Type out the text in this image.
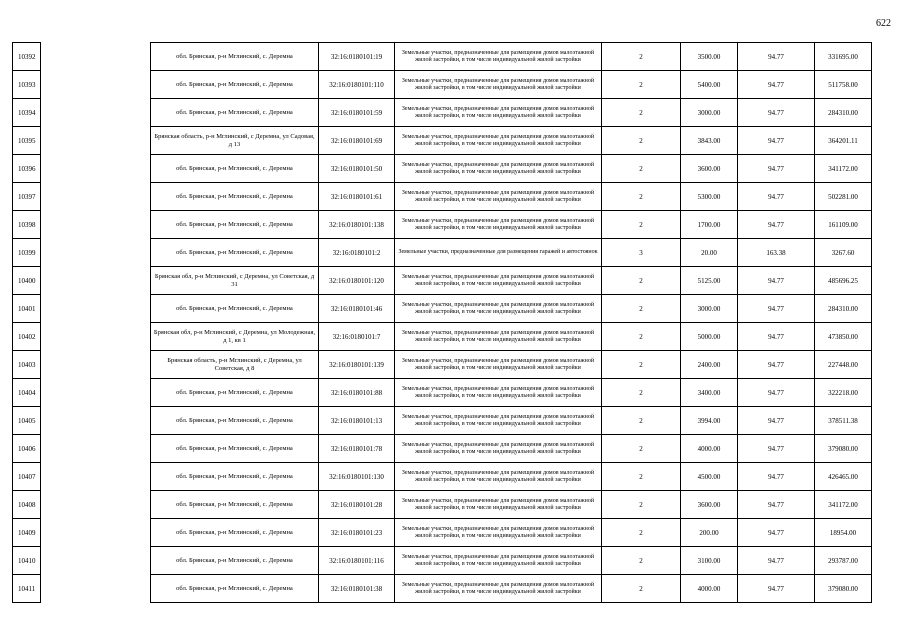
622
10392		обл. Брянская, р-н Мглинский, с. Деремна	32:16:0180101:19	Земельные участки, предназначенные для размещения домов малоэтажной жилой застройки, в том числе индивидуальной жилой застройки	2	3500.00	94.77	331695.00
10393		обл. Брянская, р-н Мглинский, с. Деремна	32:16:0180101:110	Земельные участки, предназначенные для размещения домов малоэтажной жилой застройки, в том числе индивидуальной жилой застройки	2	5400.00	94.77	511758.00
10394		обл. Брянская, р-н Мглинский, с. Деремна	32:16:0180101:59	Земельные участки, предназначенные для размещения домов малоэтажной жилой застройки, в том числе индивидуальной жилой застройки	2	3000.00	94.77	284310.00
10395		Брянская область, р-н Мглинский, с Деремна, ул Садовая, д 13	32:16:0180101:69	Земельные участки, предназначенные для размещения домов малоэтажной жилой застройки, в том числе индивидуальной жилой застройки	2	3843.00	94.77	364201.11
10396		обл. Брянская, р-н Мглинский, с. Деремна	32:16:0180101:50	Земельные участки, предназначенные для размещения домов малоэтажной жилой застройки, в том числе индивидуальной жилой застройки	2	3600.00	94.77	341172.00
10397		обл. Брянская, р-н Мглинский, с. Деремна	32:16:0180101:61	Земельные участки, предназначенные для размещения домов малоэтажной жилой застройки, в том числе индивидуальной жилой застройки	2	5300.00	94.77	502281.00
10398		обл. Брянская, р-н Мглинский, с. Деремна	32:16:0180101:138	Земельные участки, предназначенные для размещения домов малоэтажной жилой застройки, в том числе индивидуальной жилой застройки	2	1700.00	94.77	161109.00
10399		обл. Брянская, р-н Мглинский, с. Деремна	32:16:0180101:2	Земельные участки, предназначенные для размещения гаражей и автостоянок	3	20.00	163.38	3267.60
10400		Брянская обл, р-н Мглинский, с Деремна, ул Советская, д 31	32:16:0180101:120	Земельные участки, предназначенные для размещения домов малоэтажной жилой застройки, в том числе индивидуальной жилой застройки	2	5125.00	94.77	485696.25
10401		обл. Брянская, р-н Мглинский, с. Деремна	32:16:0180101:46	Земельные участки, предназначенные для размещения домов малоэтажной жилой застройки, в том числе индивидуальной жилой застройки	2	3000.00	94.77	284310.00
10402		Брянская обл, р-н Мглинский, с Деремна, ул Молодежная, д 1, кв 1	32:16:0180101:7	Земельные участки, предназначенные для размещения домов малоэтажной жилой застройки, в том числе индивидуальной жилой застройки	2	5000.00	94.77	473850.00
10403		Брянская область, р-н Мглинский, с Деремна, ул Советская, д 8	32:16:0180101:139	Земельные участки, предназначенные для размещения домов малоэтажной жилой застройки, в том числе индивидуальной жилой застройки	2	2400.00	94.77	227448.00
10404		обл. Брянская, р-н Мглинский, с. Деремна	32:16:0180101:88	Земельные участки, предназначенные для размещения домов малоэтажной жилой застройки, в том числе индивидуальной жилой застройки	2	3400.00	94.77	322218.00
10405		обл. Брянская, р-н Мглинский, с. Деремна	32:16:0180101:13	Земельные участки, предназначенные для размещения домов малоэтажной жилой застройки, в том числе индивидуальной жилой застройки	2	3994.00	94.77	378511.38
10406		обл. Брянская, р-н Мглинский, с. Деремна	32:16:0180101:78	Земельные участки, предназначенные для размещения домов малоэтажной жилой застройки, в том числе индивидуальной жилой застройки	2	4000.00	94.77	379080.00
10407		обл. Брянская, р-н Мглинский, с. Деремна	32:16:0180101:130	Земельные участки, предназначенные для размещения домов малоэтажной жилой застройки, в том числе индивидуальной жилой застройки	2	4500.00	94.77	426465.00
10408		обл. Брянская, р-н Мглинский, с. Деремна	32:16:0180101:28	Земельные участки, предназначенные для размещения домов малоэтажной жилой застройки, в том числе индивидуальной жилой застройки	2	3600.00	94.77	341172.00
10409		обл. Брянская, р-н Мглинский, с. Деремна	32:16:0180101:23	Земельные участки, предназначенные для размещения домов малоэтажной жилой застройки, в том числе индивидуальной жилой застройки	2	200.00	94.77	18954.00
10410		обл. Брянская, р-н Мглинский, с. Деремна	32:16:0180101:116	Земельные участки, предназначенные для размещения домов малоэтажной жилой застройки, в том числе индивидуальной жилой застройки	2	3100.00	94.77	293787.00
10411		обл. Брянская, р-н Мглинский, с. Деремна	32:16:0180101:38	Земельные участки, предназначенные для размещения домов малоэтажной жилой застройки, в том числе индивидуальной жилой застройки	2	4000.00	94.77	379080.00
